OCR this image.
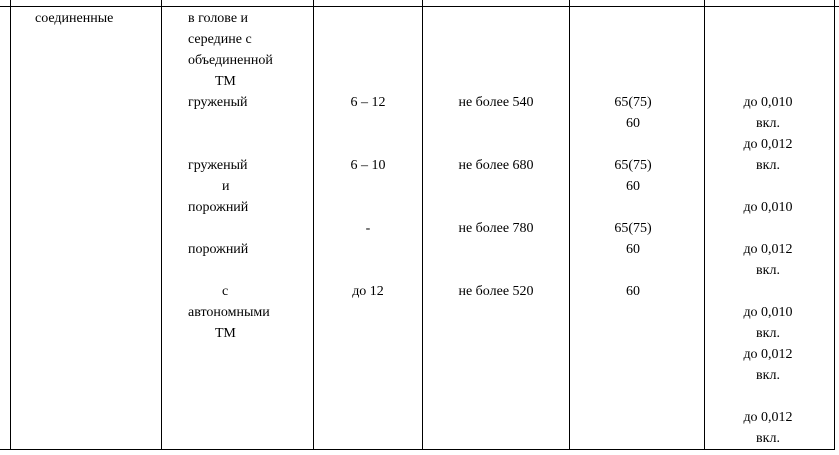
соединенные	в голове и
середине с
объединенной
ТМ
груженый
груженый
и
порожний
порожний
с
автономными
ТМ
6 – 12
6 – 10
-
до 12
не более 540
не более 680
не более 780
не более 520
65(75)
60
65(75)
60
65(75)
60
60
до 0,010
вкл.
до 0,012
вкл.
до 0,010
до 0,012
вкл.
до 0,010
вкл.
до 0,012
вкл.
до 0,012
вкл.
